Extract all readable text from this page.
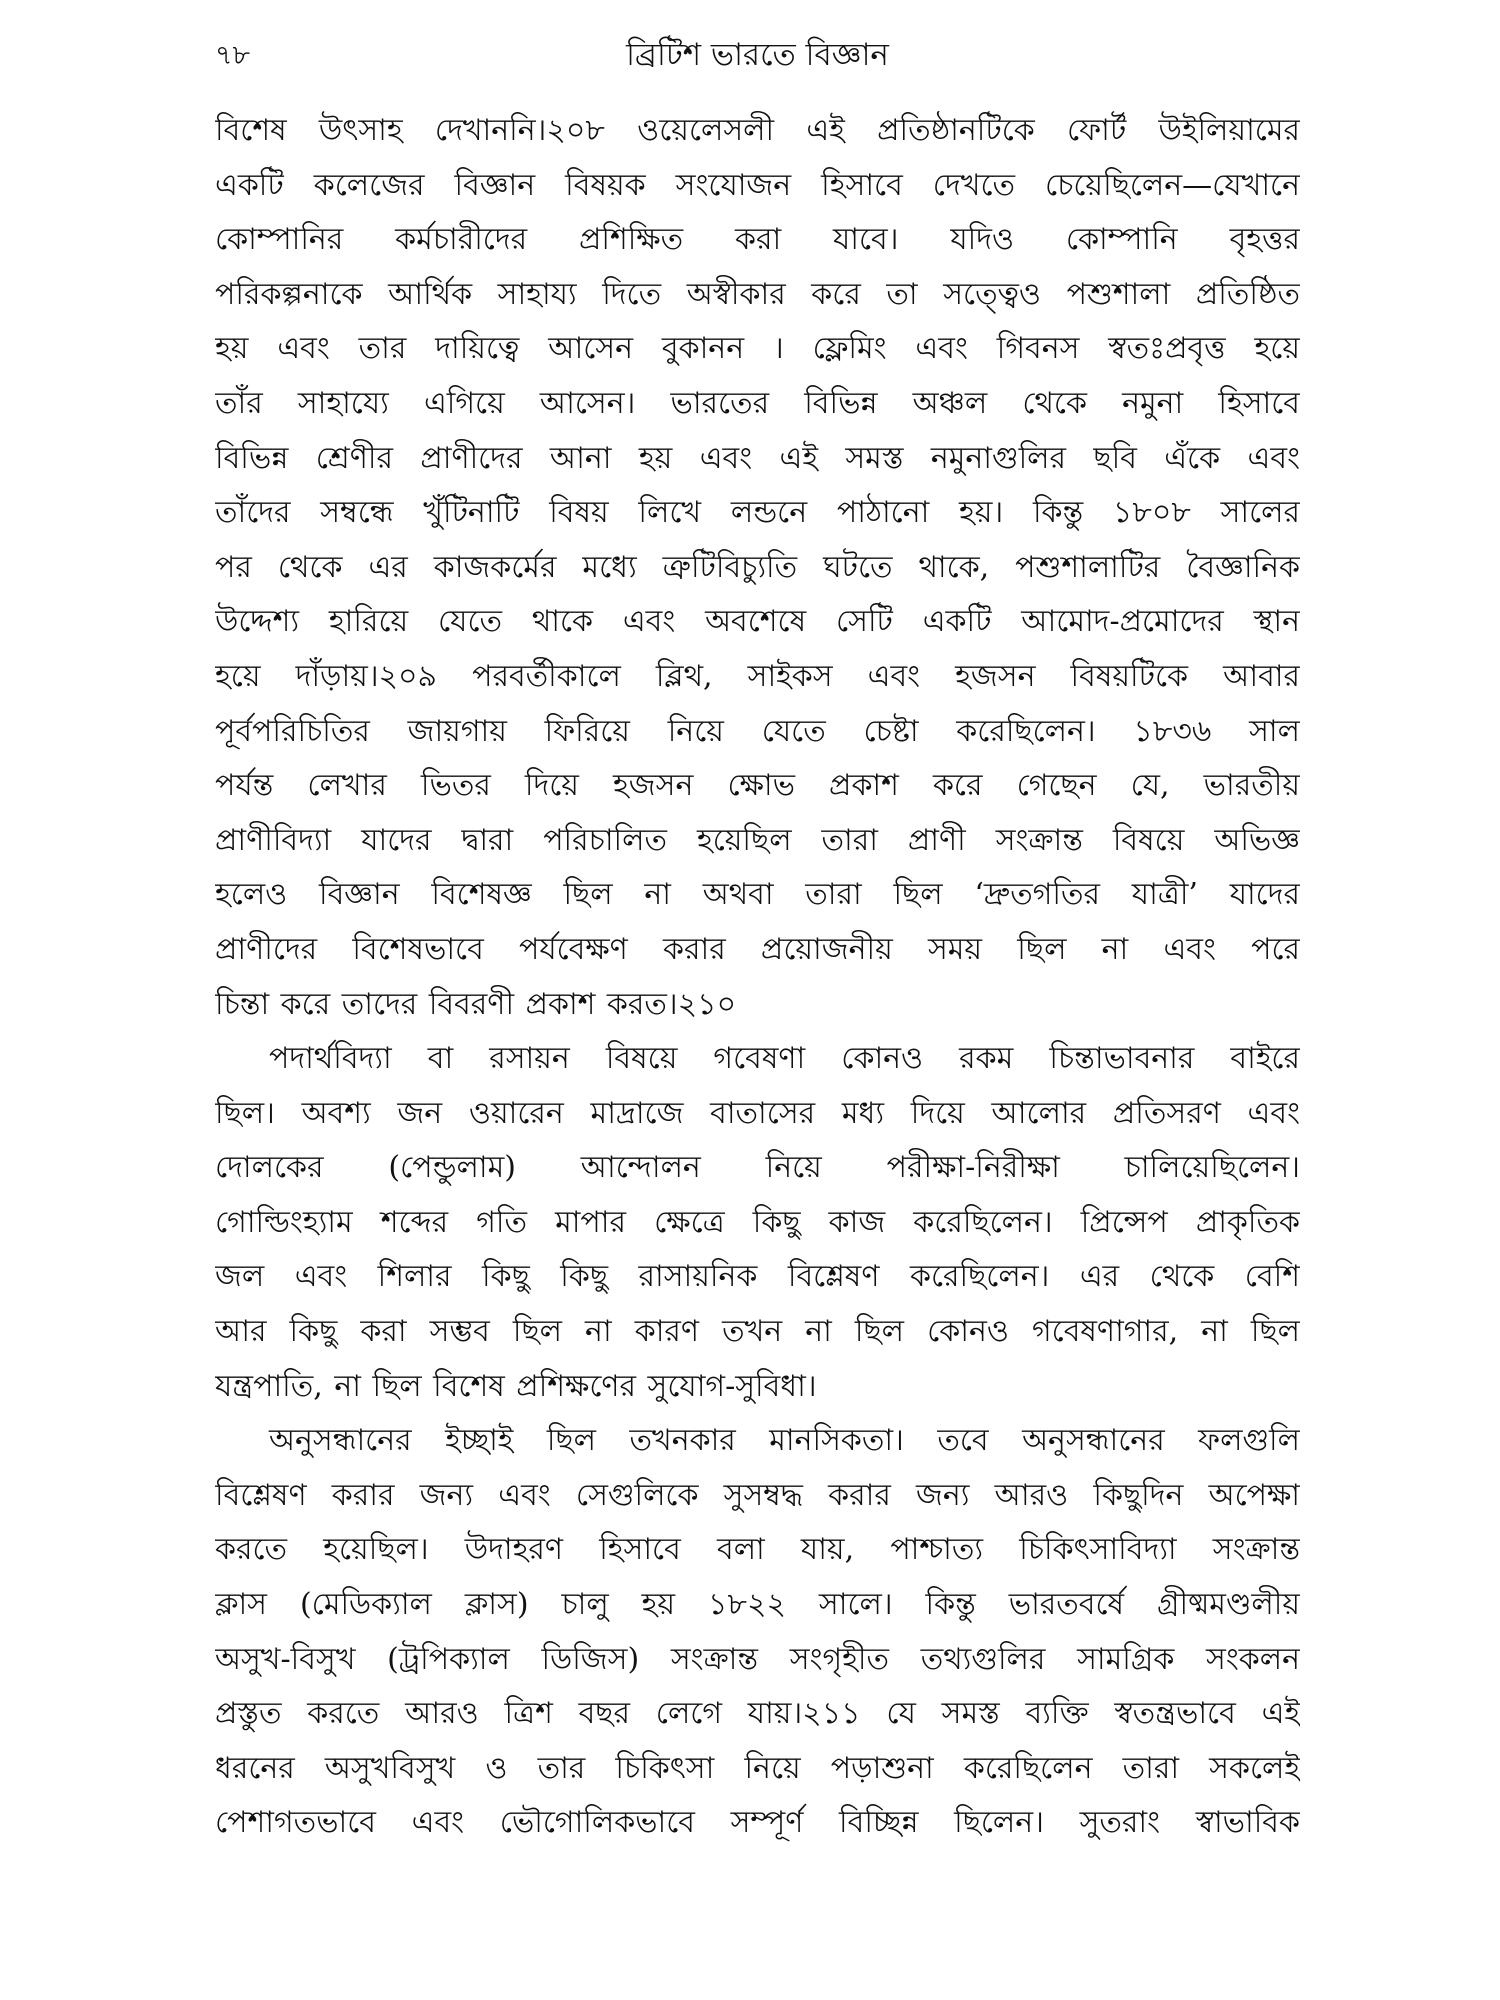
৭৮	ব্রিটিশ ভারতে বিজ্ঞান
বিশেষ উৎসাহ দেখাননি।২০৮ ওয়েলেসলী এই প্রতিষ্ঠানটিকে ফোর্ট উইলিয়ামের
একটি কলেজের বিজ্ঞান বিষয়ক সংযোজন হিসাবে দেখতে চেয়েছিলেন—যেখানে
কোম্পানির কর্মচারীদের প্রশিক্ষিত করা যাবে। যদিও কোম্পানি বৃহত্তর
পরিকল্পনাকে আর্থিক সাহায্য দিতে অস্বীকার করে তা সত্ত্বেও পশুশালা প্রতিষ্ঠিত
হয় এবং তার দায়িত্বে আসেন বুকানন । ফ্লেমিং এবং গিবনস স্বতঃপ্রবৃত্ত হয়ে
তাঁর সাহায্যে এগিয়ে আসেন। ভারতের বিভিন্ন অঞ্চল থেকে নমুনা হিসাবে
বিভিন্ন শ্রেণীর প্রাণীদের আনা হয় এবং এই সমস্ত নমুনাগুলির ছবি এঁকে এবং
তাঁদের সম্বন্ধে খুঁটিনাটি বিষয় লিখে লন্ডনে পাঠানো হয়। কিন্তু ১৮০৮ সালের
পর থেকে এর কাজকর্মের মধ্যে ত্রুটিবিচ্যুতি ঘটতে থাকে, পশুশালাটির বৈজ্ঞানিক
উদ্দেশ্য হারিয়ে যেতে থাকে এবং অবশেষে সেটি একটি আমোদ-প্রমোদের স্থান
হয়ে দাঁড়ায়।২০৯ পরবর্তীকালে ব্লিথ, সাইকস এবং হজসন বিষয়টিকে আবার
পূর্বপরিচিতির জায়গায় ফিরিয়ে নিয়ে যেতে চেষ্টা করেছিলেন। ১৮৩৬ সাল
পর্যন্ত লেখার ভিতর দিয়ে হজসন ক্ষোভ প্রকাশ করে গেছেন যে, ভারতীয়
প্রাণীবিদ্যা যাদের দ্বারা পরিচালিত হয়েছিল তারা প্রাণী সংক্রান্ত বিষয়ে অভিজ্ঞ
হলেও বিজ্ঞান বিশেষজ্ঞ ছিল না অথবা তারা ছিল ‘দ্রুতগতির যাত্রী’ যাদের
প্রাণীদের বিশেষভাবে পর্যবেক্ষণ করার প্রয়োজনীয় সময় ছিল না এবং পরে
চিন্তা করে তাদের বিবরণী প্রকাশ করত।২১০
পদার্থবিদ্যা বা রসায়ন বিষয়ে গবেষণা কোনও রকম চিন্তাভাবনার বাইরে
ছিল। অবশ্য জন ওয়ারেন মাদ্রাজে বাতাসের মধ্য দিয়ে আলোর প্রতিসরণ এবং
দোলকের (পেন্ডুলাম) আন্দোলন নিয়ে পরীক্ষা-নিরীক্ষা চালিয়েছিলেন।
গোল্ডিংহ্যাম শব্দের গতি মাপার ক্ষেত্রে কিছু কাজ করেছিলেন। প্রিন্সেপ প্রাকৃতিক
জল এবং শিলার কিছু কিছু রাসায়নিক বিশ্লেষণ করেছিলেন। এর থেকে বেশি
আর কিছু করা সম্ভব ছিল না কারণ তখন না ছিল কোনও গবেষণাগার, না ছিল
যন্ত্রপাতি, না ছিল বিশেষ প্রশিক্ষণের সুযোগ-সুবিধা।
অনুসন্ধানের ইচ্ছাই ছিল তখনকার মানসিকতা। তবে অনুসন্ধানের ফলগুলি
বিশ্লেষণ করার জন্য এবং সেগুলিকে সুসম্বদ্ধ করার জন্য আরও কিছুদিন অপেক্ষা
করতে হয়েছিল। উদাহরণ হিসাবে বলা যায়, পাশ্চাত্য চিকিৎসাবিদ্যা সংক্রান্ত
ক্লাস (মেডিক্যাল ক্লাস) চালু হয় ১৮২২ সালে। কিন্তু ভারতবর্ষে গ্রীষ্মমণ্ডলীয়
অসুখ-বিসুখ (ট্রপিক্যাল ডিজিস) সংক্রান্ত সংগৃহীত তথ্যগুলির সামগ্রিক সংকলন
প্রস্তুত করতে আরও ত্রিশ বছর লেগে যায়।২১১ যে সমস্ত ব্যক্তি স্বতন্ত্রভাবে এই
ধরনের অসুখবিসুখ ও তার চিকিৎসা নিয়ে পড়াশুনা করেছিলেন তারা সকলেই
পেশাগতভাবে এবং ভৌগোলিকভাবে সম্পূর্ণ বিচ্ছিন্ন ছিলেন। সুতরাং স্বাভাবিক
